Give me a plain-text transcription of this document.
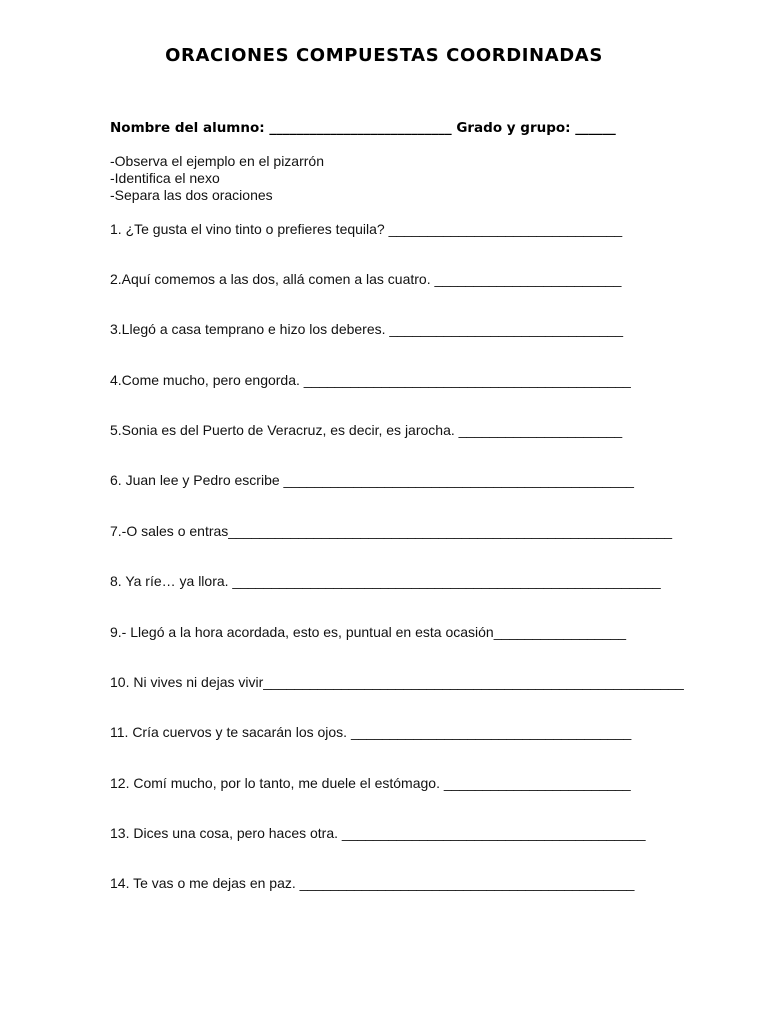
ORACIONES COMPUESTAS COORDINADAS
Nombre del alumno: ___________________________ Grado y grupo: ______
-Observa el ejemplo en el pizarrón
-Identifica el nexo
-Separa las dos oraciones
1. ¿Te gusta el vino tinto o prefieres tequila? ______________________________
2.Aquí comemos a las dos, allá comen a las cuatro. ________________________
3.Llegó a casa temprano e hizo los deberes. ______________________________
4.Come mucho, pero engorda. __________________________________________
5.Sonia es del Puerto de Veracruz, es decir, es jarocha. _____________________
6. Juan lee y Pedro escribe _____________________________________________
7.-O sales o entras_________________________________________________________
8. Ya ríe… ya llora. _______________________________________________________
9.- Llegó a la hora acordada, esto es, puntual en esta ocasión_________________
10. Ni vives ni dejas vivir______________________________________________________
11. Cría cuervos y te sacarán los ojos. ____________________________________
12. Comí mucho, por lo tanto, me duele el estómago. ________________________
13. Dices una cosa, pero haces otra. _______________________________________
14. Te vas o me dejas en paz. ___________________________________________
